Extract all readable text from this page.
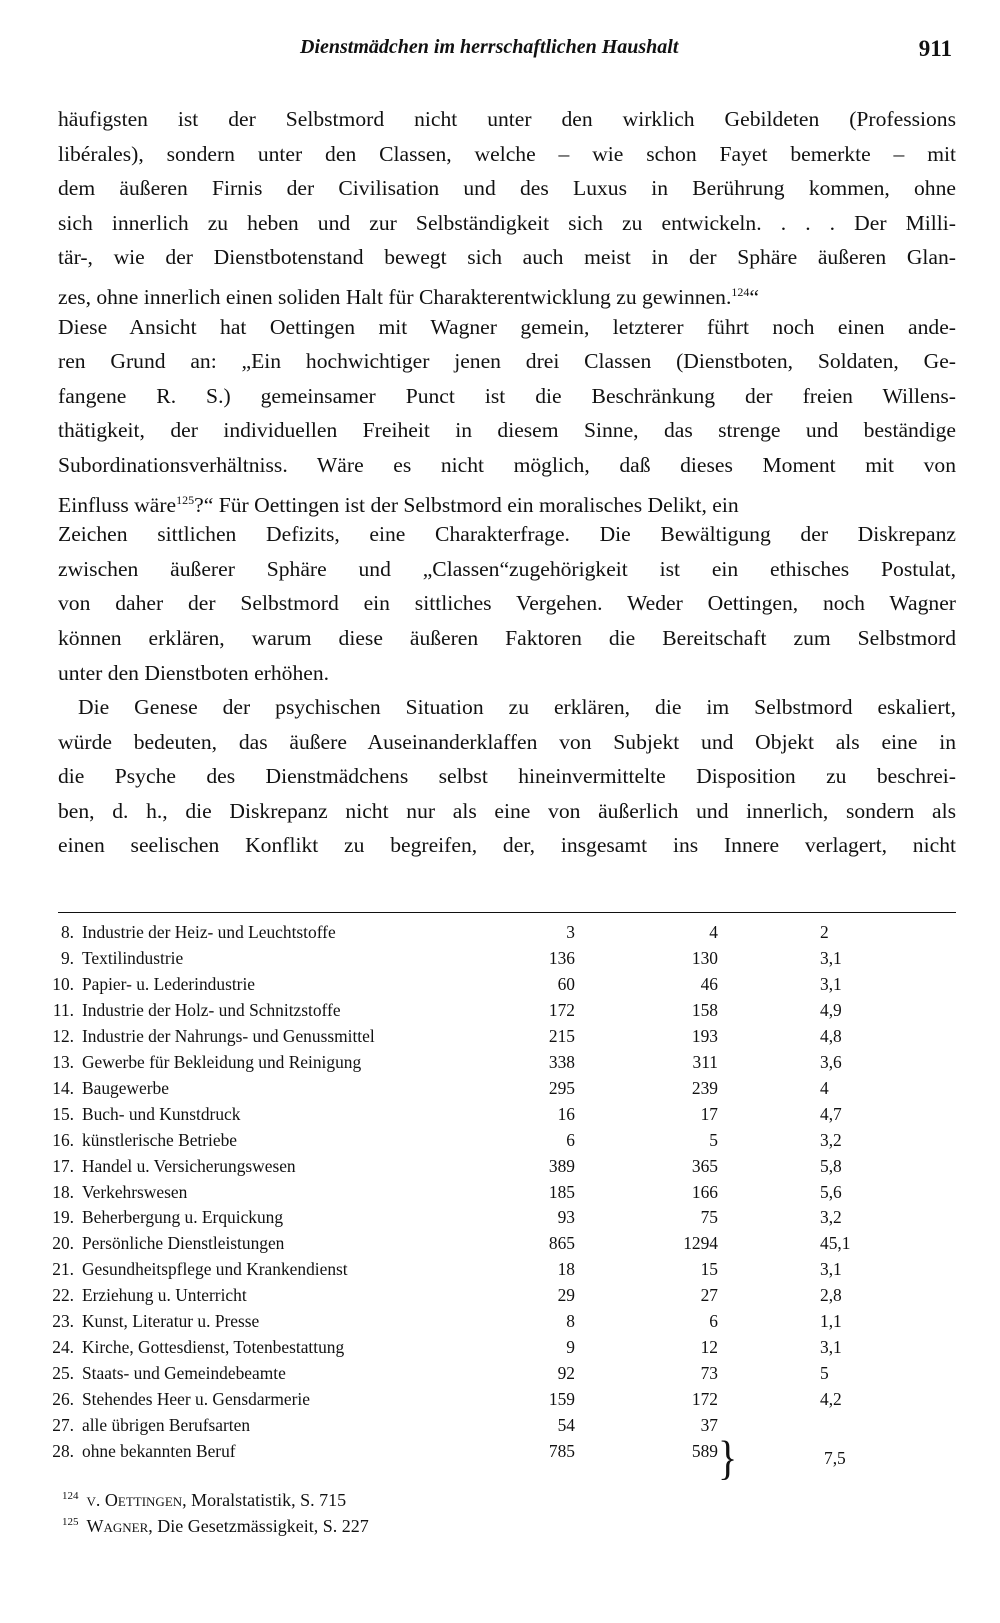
Dienstmädchen im herrschaftlichen Haushalt	911
häufigsten ist der Selbstmord nicht unter den wirklich Gebildeten (Professions
libérales), sondern unter den Classen, welche – wie schon Fayet bemerkte – mit
dem äußeren Firnis der Civilisation und des Luxus in Berührung kommen, ohne
sich innerlich zu heben und zur Selbständigkeit sich zu entwickeln. . . . Der Milli-
tär-, wie der Dienstbotenstand bewegt sich auch meist in der Sphäre äußeren Glan-
zes, ohne innerlich einen soliden Halt für Charakterentwicklung zu gewinnen.$^{124}$“
Diese Ansicht hat Oettingen mit Wagner gemein, letzterer führt noch einen ande-
ren Grund an: „Ein hochwichtiger jenen drei Classen (Dienstboten, Soldaten, Ge-
fangene R. S.) gemeinsamer Punct ist die Beschränkung der freien Willens-
thätigkeit, der individuellen Freiheit in diesem Sinne, das strenge und beständige
Subordinationsverhältniss. Wäre es nicht möglich, daß dieses Moment mit von
Einfluss wäre$^{125}$?“ Für Oettingen ist der Selbstmord ein moralisches Delikt, ein
Zeichen sittlichen Defizits, eine Charakterfrage. Die Bewältigung der Diskrepanz
zwischen äußerer Sphäre und „Classen“zugehörigkeit ist ein ethisches Postulat,
von daher der Selbstmord ein sittliches Vergehen. Weder Oettingen, noch Wagner
können erklären, warum diese äußeren Faktoren die Bereitschaft zum Selbstmord
unter den Dienstboten erhöhen.
Die Genese der psychischen Situation zu erklären, die im Selbstmord eskaliert,
würde bedeuten, das äußere Auseinanderklaffen von Subjekt und Objekt als eine in
die Psyche des Dienstmädchens selbst hineinvermittelte Disposition zu beschrei-
ben, d. h., die Diskrepanz nicht nur als eine von äußerlich und innerlich, sondern als
einen seelischen Konflikt zu begreifen, der, insgesamt ins Innere verlagert, nicht
8. Industrie der Heiz- und Leuchtstoffe	3	4	2
9. Textilindustrie	136	130	3,1
10. Papier- u. Lederindustrie	60	46	3,1
11. Industrie der Holz- und Schnitzstoffe	172	158	4,9
12. Industrie der Nahrungs- und Genussmittel	215	193	4,8
13. Gewerbe für Bekleidung und Reinigung	338	311	3,6
14. Baugewerbe	295	239	4
15. Buch- und Kunstdruck	16	17	4,7
16. künstlerische Betriebe	6	5	3,2
17. Handel u. Versicherungswesen	389	365	5,8
18. Verkehrswesen	185	166	5,6
19. Beherbergung u. Erquickung	93	75	3,2
20. Persönliche Dienstleistungen	865	1294	45,1
21. Gesundheitspflege und Krankendienst	18	15	3,1
22. Erziehung u. Unterricht	29	27	2,8
23. Kunst, Literatur u. Presse	8	6	1,1
24. Kirche, Gottesdienst, Totenbestattung	9	12	3,1
25. Staats- und Gemeindebeamte	92	73	5
26. Stehendes Heer u. Gensdarmerie	159	172	4,2
27. alle übrigen Berufsarten	54	37
28. ohne bekannten Beruf	785	589 }	7,5
$^{124}$ v. Oettingen, Moralstatistik, S. 715
$^{125}$ Wagner, Die Gesetzmässigkeit, S. 227
